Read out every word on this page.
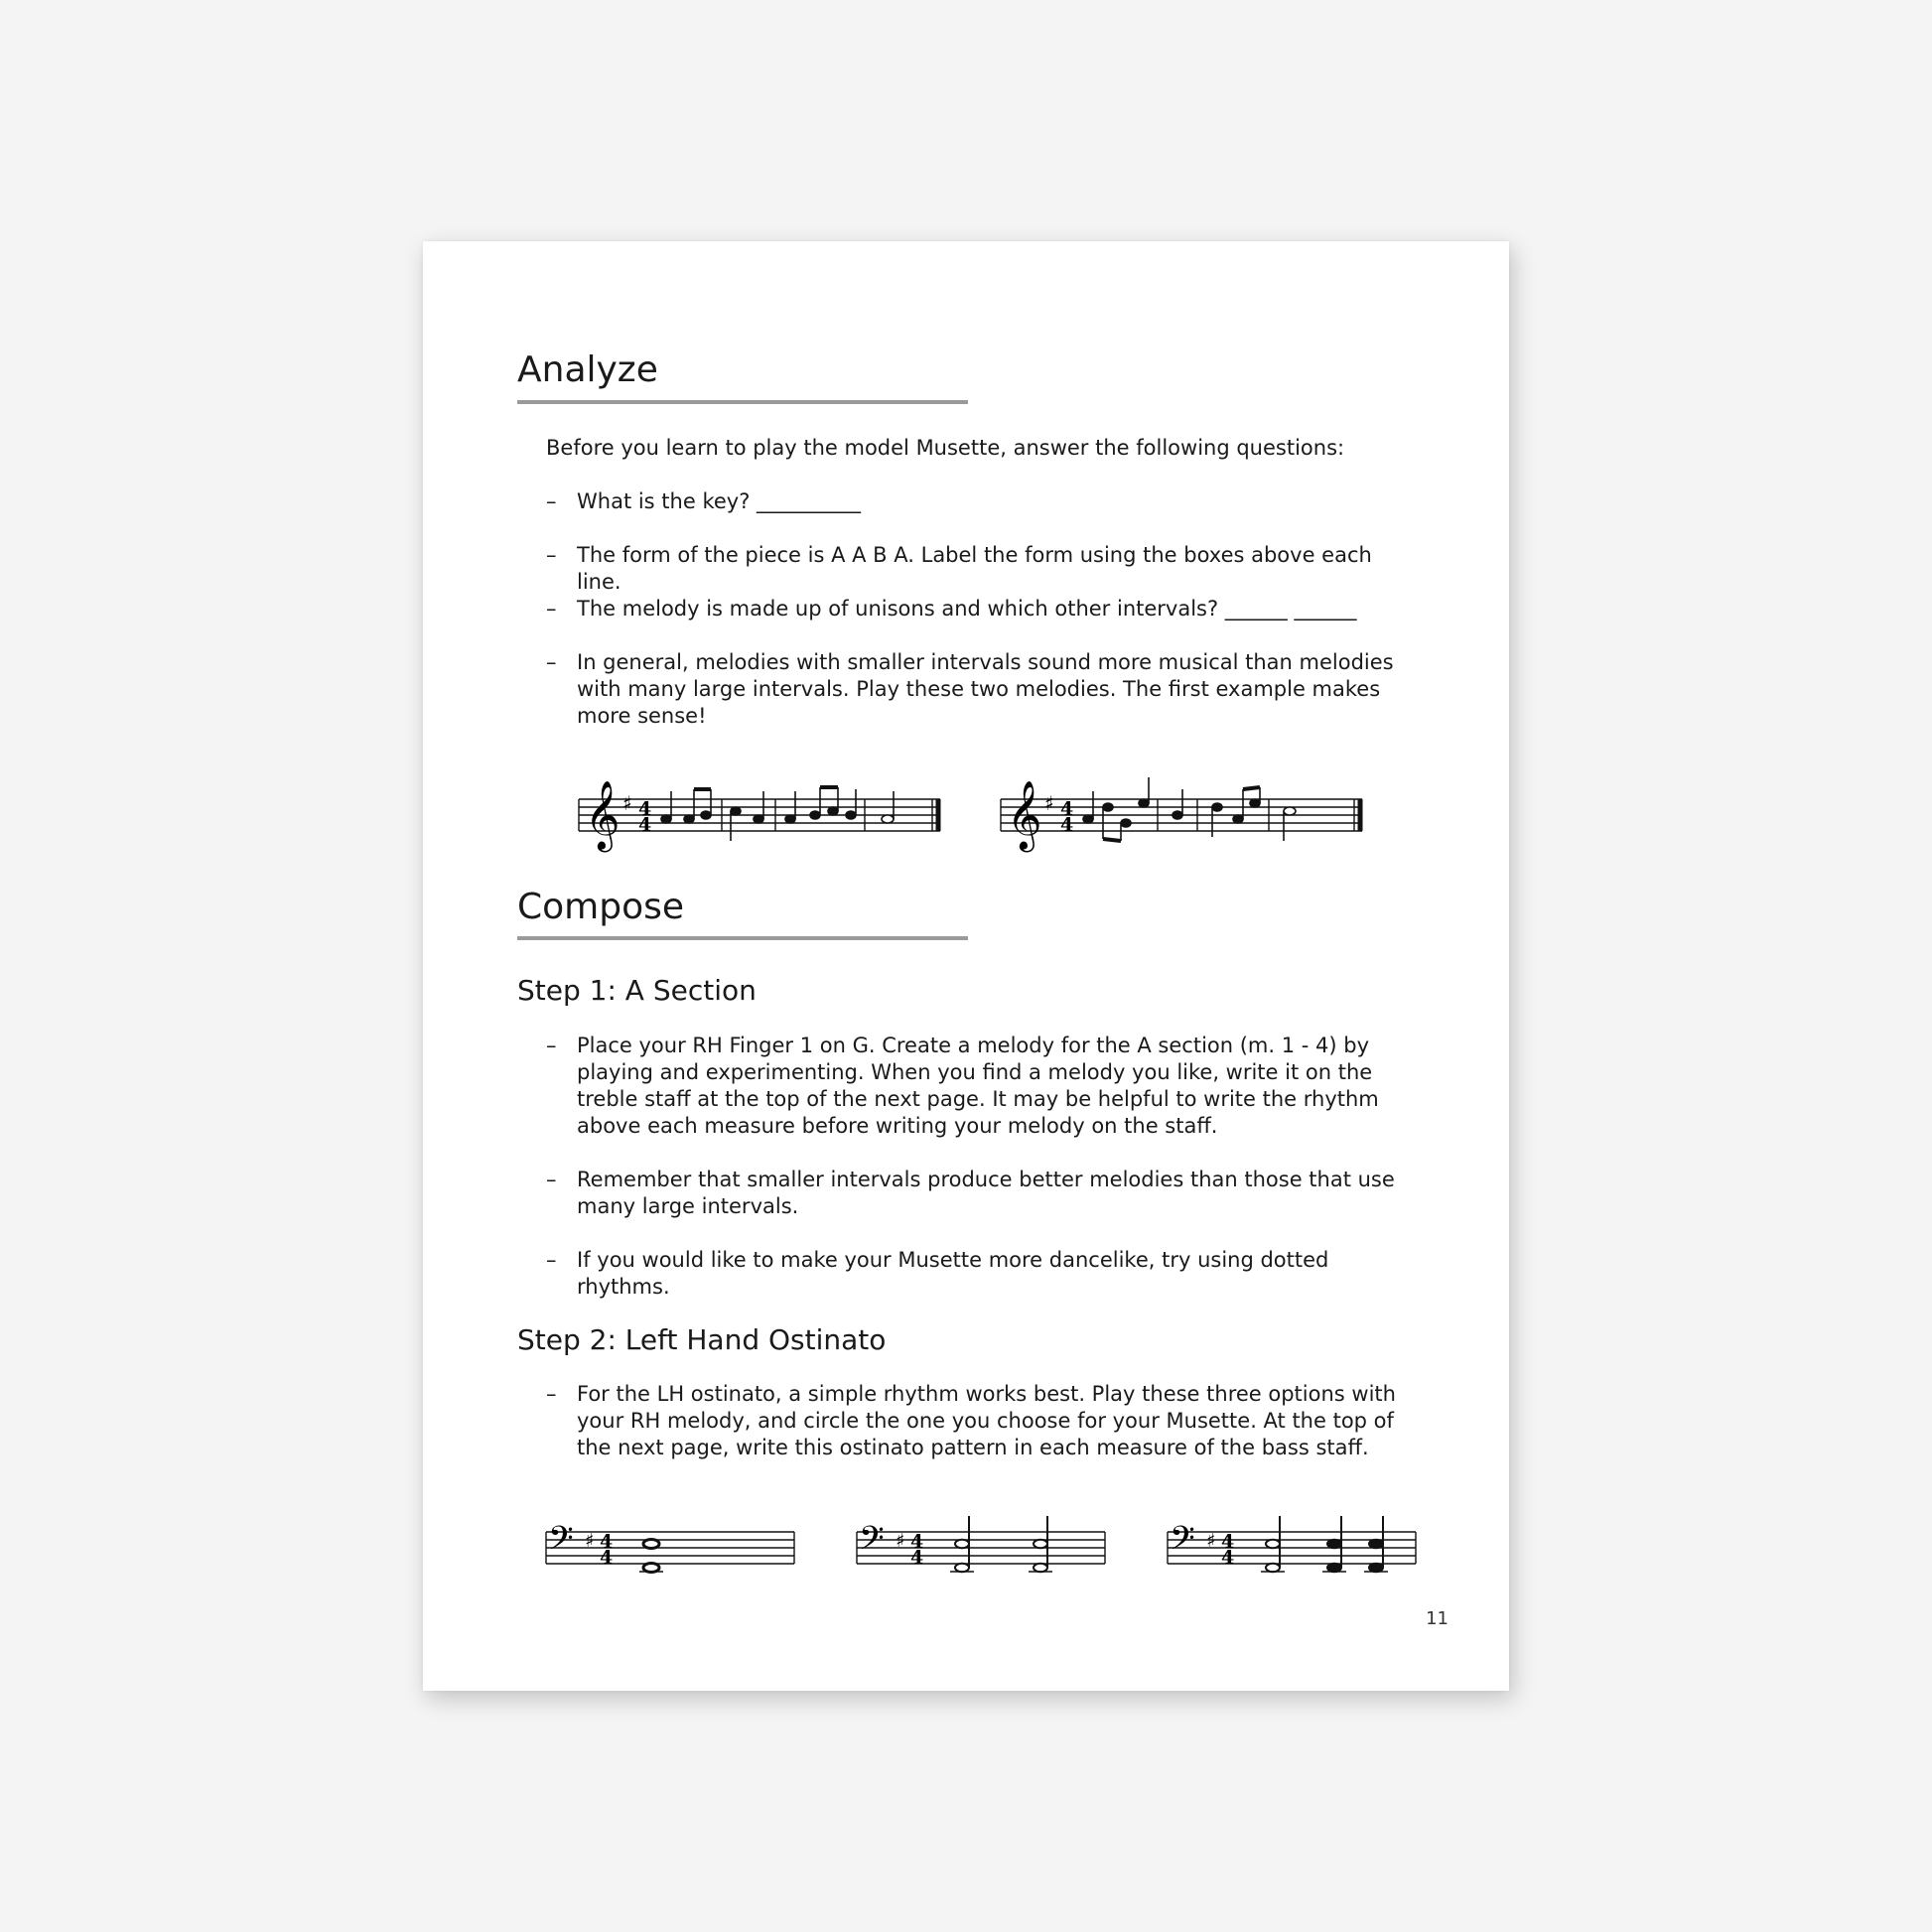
Analyze

Before you learn to play the model Musette, answer the following questions:

– What is the key? __________
– The form of the piece is A A B A. Label the form using the boxes above each line.
– The melody is made up of unisons and which other intervals? ______ ______
– In general, melodies with smaller intervals sound more musical than melodies with many large intervals. Play these two melodies. The first example makes more sense!
𝄞 ♯ 4
4	𝄞 ♯ 4
4
Compose
Step 1: A Section
– Place your RH Finger 1 on G. Create a melody for the A section (m. 1 - 4) by playing and experimenting. When you find a melody you like, write it on the treble staff at the top of the next page. It may be helpful to write the rhythm above each measure before writing your melody on the staff.
– Remember that smaller intervals produce better melodies than those that use many large intervals.
– If you would like to make your Musette more dancelike, try using dotted rhythms.
Step 2: Left Hand Ostinato
– For the LH ostinato, a simple rhythm works best. Play these three options with your RH melody, and circle the one you choose for your Musette. At the top of the next page, write this ostinato pattern in each measure of the bass staff.
𝄢 ♯ 4
4	𝄢 ♯ 4
4	𝄢 ♯ 4
4
11
